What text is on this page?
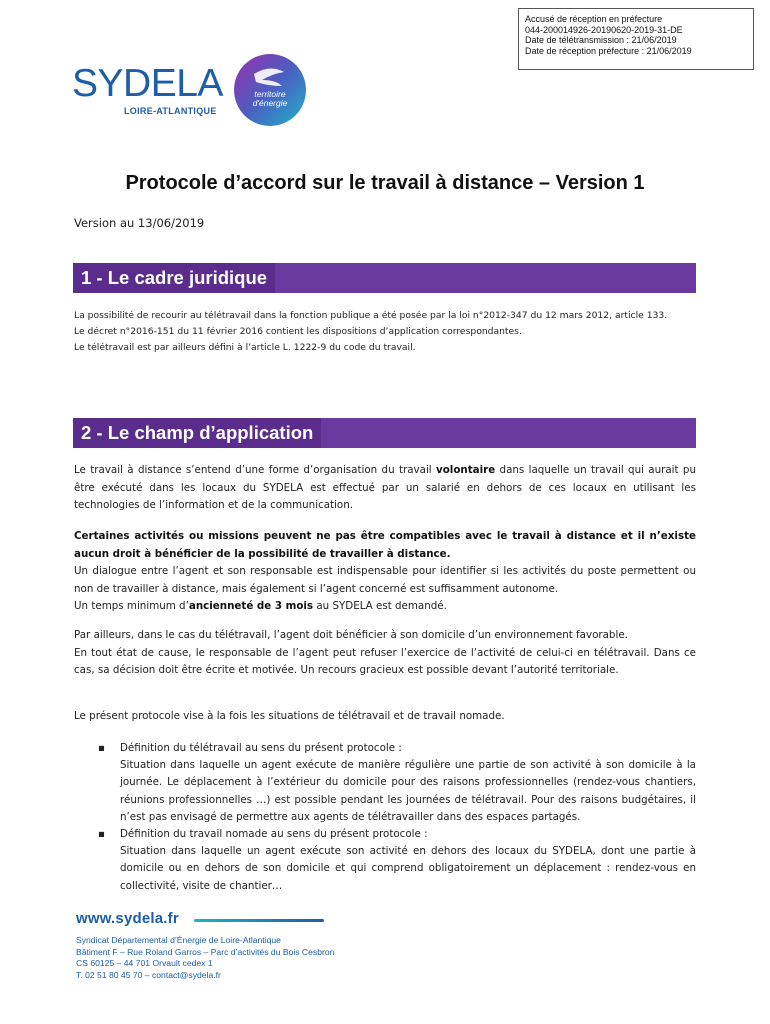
Accusé de réception en préfecture
044-200014926-20190620-2019-31-DE
Date de télétransmission : 21/06/2019
Date de réception préfecture : 21/06/2019
SYDELA
LOIRE-ATLANTIQUE
territoire
d'énergie
Protocole d’accord sur le travail à distance – Version 1
Version au 13/06/2019
1 - Le cadre juridique

La possibilité de recourir au télétravail dans la fonction publique a été posée par la loi n°2012-347 du 12 mars 2012, article 133.

Le décret n°2016-151 du 11 février 2016 contient les dispositions d’application correspondantes.

Le télétravail est par ailleurs défini à l’article L. 1222-9 du code du travail.

2 - Le champ d’application

Le travail à distance s’entend d’une forme d’organisation du travail volontaire dans laquelle un travail qui aurait pu être exécuté dans les locaux du SYDELA est effectué par un salarié en dehors de ces locaux en utilisant les technologies de l’information et de la communication.

Certaines activités ou missions peuvent ne pas être compatibles avec le travail à distance et il n’existe aucun droit à bénéficier de la possibilité de travailler à distance.

Un dialogue entre l’agent et son responsable est indispensable pour identifier si les activités du poste permettent ou non de travailler à distance, mais également si l’agent concerné est suffisamment autonome.

Un temps minimum d’ancienneté de 3 mois au SYDELA est demandé.

Par ailleurs, dans le cas du télétravail, l’agent doit bénéficier à son domicile d’un environnement favorable.

En tout état de cause, le responsable de l’agent peut refuser l’exercice de l’activité de celui-ci en télétravail. Dans ce cas, sa décision doit être écrite et motivée. Un recours gracieux est possible devant l’autorité territoriale.

Le présent protocole vise à la fois les situations de télétravail et de travail nomade.

▪ Définition du télétravail au sens du présent protocole :
Situation dans laquelle un agent exécute de manière régulière une partie de son activité à son domicile à la journée. Le déplacement à l’extérieur du domicile pour des raisons professionnelles (rendez-vous chantiers, réunions professionnelles …) est possible pendant les journées de télétravail. Pour des raisons budgétaires, il n’est pas envisagé de permettre aux agents de télétravailler dans des espaces partagés.
▪ Définition du travail nomade au sens du présent protocole :
Situation dans laquelle un agent exécute son activité en dehors des locaux du SYDELA, dont une partie à domicile ou en dehors de son domicile et qui comprend obligatoirement un déplacement : rendez-vous en collectivité, visite de chantier…
www.sydela.fr
Syndicat Départemental d’Énergie de Loire-Atlantique
Bâtiment F – Rue Roland Garros – Parc d’activités du Bois Cesbron
CS 60125 – 44 701 Orvault cedex 1
T. 02 51 80 45 70 – contact@sydela.fr
